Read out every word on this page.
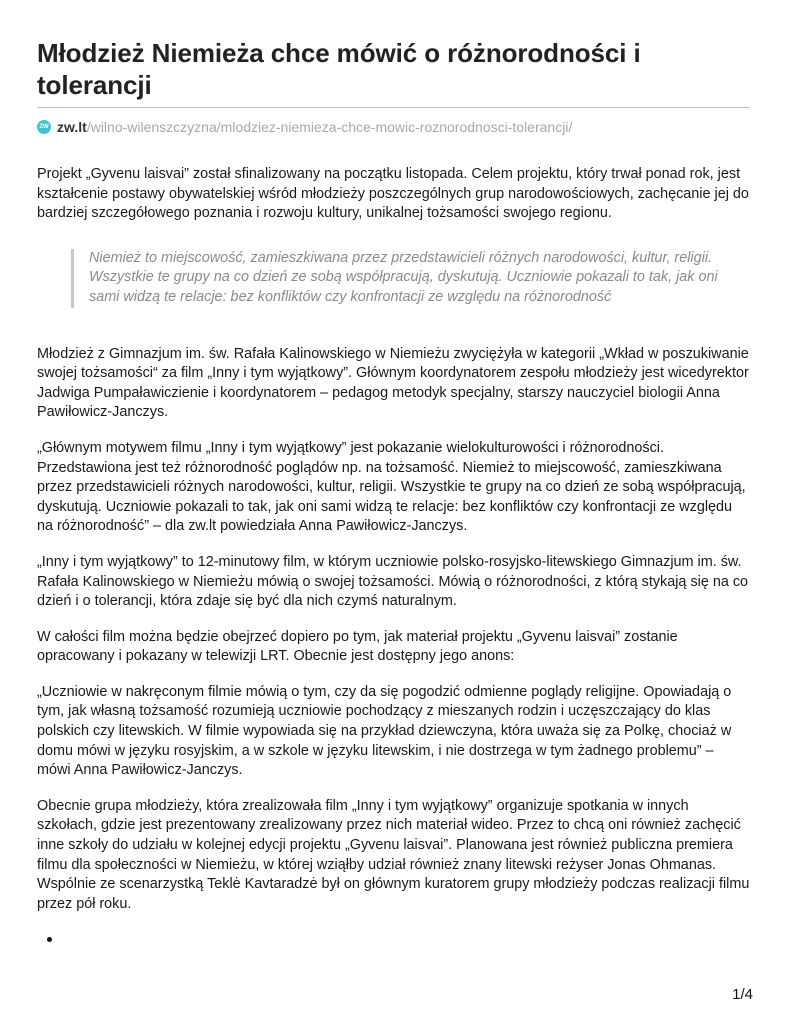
Młodzież Niemieża chce mówić o różnorodności i tolerancji
ZW zw.lt /wilno-wilenszczyzna/mlodziez-niemieza-chce-mowic-roznorodnosci-tolerancji/

Projekt „Gyvenu laisvai” został sfinalizowany na początku listopada. Celem projektu, który trwał ponad rok, jest kształcenie postawy obywatelskiej wśród młodzieży poszczególnych grup narodowościowych, zachęcanie jej do bardziej szczegółowego poznania i rozwoju kultury, unikalnej tożsamości swojego regionu.

Niemież to miejscowość, zamieszkiwana przez przedstawicieli różnych narodowości, kultur, religii. Wszystkie te grupy na co dzień ze sobą współpracują, dyskutują. Uczniowie pokazali to tak, jak oni sami widzą te relacje: bez konfliktów czy konfrontacji ze względu na różnorodność

Młodzież z Gimnazjum im. św. Rafała Kalinowskiego w Niemieżu zwyciężyła w kategorii „Wkład w poszukiwanie swojej tożsamości“ za film „Inny i tym wyjątkowy”. Głównym koordynatorem zespołu młodzieży jest wicedyrektor Jadwiga Pumpaławiczienie i koordynatorem – pedagog metodyk specjalny, starszy nauczyciel biologii Anna Pawiłowicz-Janczys.

„Głównym motywem filmu „Inny i tym wyjątkowy” jest pokazanie wielokulturowości i różnorodności. Przedstawiona jest też różnorodność poglądów np. na tożsamość. Niemież to miejscowość, zamieszkiwana przez przedstawicieli różnych narodowości, kultur, religii. Wszystkie te grupy na co dzień ze sobą współpracują, dyskutują. Uczniowie pokazali to tak, jak oni sami widzą te relacje: bez konfliktów czy konfrontacji ze względu na różnorodność” – dla zw.lt powiedziała Anna Pawiłowicz-Janczys.

„Inny i tym wyjątkowy” to 12-minutowy film, w którym uczniowie polsko-rosyjsko-litewskiego Gimnazjum im. św. Rafała Kalinowskiego w Niemieżu mówią o swojej tożsamości. Mówią o różnorodności, z którą stykają się na co dzień i o tolerancji, która zdaje się być dla nich czymś naturalnym.

W całości film można będzie obejrzeć dopiero po tym, jak materiał projektu „Gyvenu laisvai” zostanie opracowany i pokazany w telewizji LRT. Obecnie jest dostępny jego anons:

„Uczniowie w nakręconym filmie mówią o tym, czy da się pogodzić odmienne poglądy religijne. Opowiadają o tym, jak własną tożsamość rozumieją uczniowie pochodzący z mieszanych rodzin i uczęszczający do klas polskich czy litewskich. W filmie wypowiada się na przykład dziewczyna, która uważa się za Polkę, chociaż w domu mówi w języku rosyjskim, a w szkole w języku litewskim, i nie dostrzega w tym żadnego problemu” – mówi Anna Pawiłowicz-Janczys.

Obecnie grupa młodzieży, która zrealizowała film „Inny i tym wyjątkowy” organizuje spotkania w innych szkołach, gdzie jest prezentowany zrealizowany przez nich materiał wideo. Przez to chcą oni również zachęcić inne szkoły do udziału w kolejnej edycji projektu „Gyvenu laisvai”. Planowana jest również publiczna premiera filmu dla społeczności w Niemieżu, w której wziąłby udział również znany litewski reżyser Jonas Ohmanas. Wspólnie ze scenarzystką Teklė Kavtaradzė był on głównym kuratorem grupy młodzieży podczas realizacji filmu przez pół roku.

1/4
